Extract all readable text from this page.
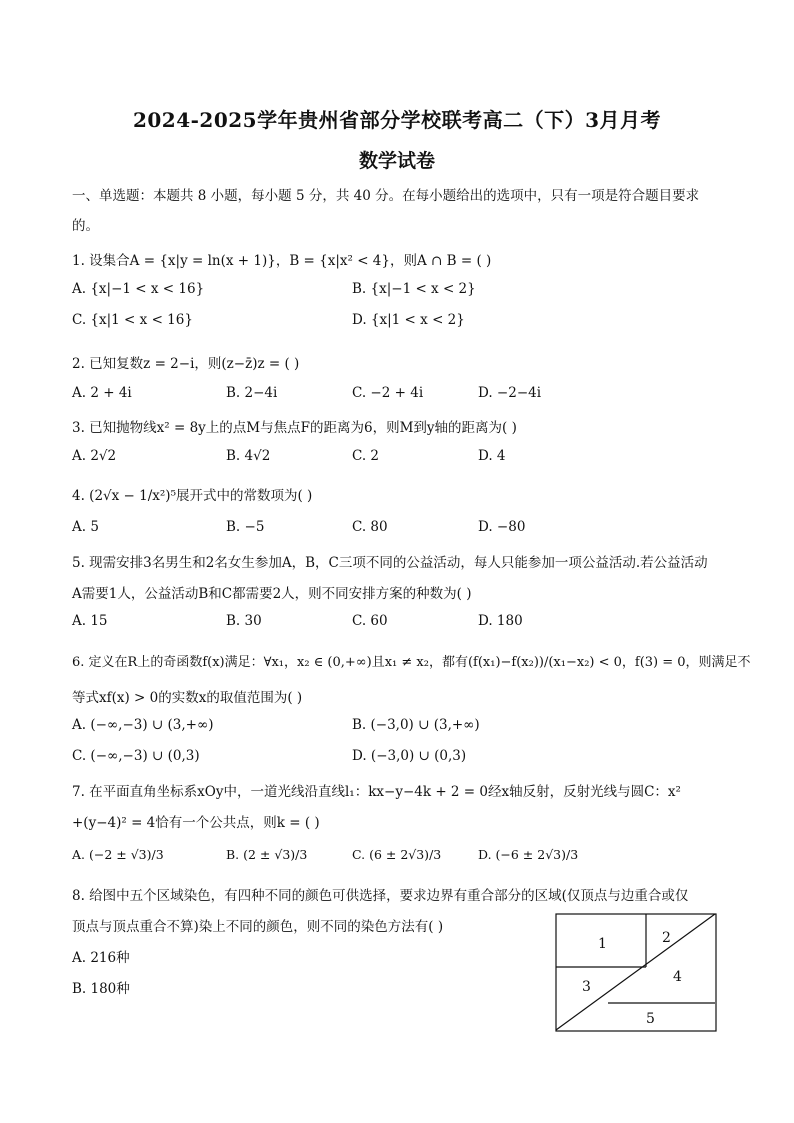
2024-2025学年贵州省部分学校联考高二（下）3月月考
数学试卷
一、单选题：本题共 8 小题，每小题 5 分，共 40 分。在每小题给出的选项中，只有一项是符合题目要求
的。
1. 设集合A = {x|y = ln(x + 1)}，B = {x|x² < 4}，则A ∩ B = ( )
A. {x|−1 < x < 16}	B. {x|−1 < x < 2}
C. {x|1 < x < 16}	D. {x|1 < x < 2}
2. 已知复数z = 2−i，则(z−z̄)z = ( )
A. 2 + 4i	B. 2−4i	C. −2 + 4i	D. −2−4i
3. 已知抛物线x² = 8y上的点M与焦点F的距离为6，则M到y轴的距离为( )
A. 2√2	B. 4√2	C. 2	D. 4
4. (2√x − 1/x²)⁵展开式中的常数项为( )
A. 5	B. −5	C. 80	D. −80
5. 现需安排3名男生和2名女生参加A，B，C三项不同的公益活动，每人只能参加一项公益活动.若公益活动
A需要1人，公益活动B和C都需要2人，则不同安排方案的种数为( )
A. 15	B. 30	C. 60	D. 180
6. 定义在R上的奇函数f(x)满足：∀x₁，x₂ ∈ (0,+∞)且x₁ ≠ x₂，都有(f(x₁)−f(x₂))/(x₁−x₂) < 0，f(3) = 0，则满足不
等式xf(x) > 0的实数x的取值范围为( )
A. (−∞,−3) ∪ (3,+∞)	B. (−3,0) ∪ (3,+∞)
C. (−∞,−3) ∪ (0,3)	D. (−3,0) ∪ (0,3)
7. 在平面直角坐标系xOy中，一道光线沿直线l₁：kx−y−4k + 2 = 0经x轴反射，反射光线与圆C：x²
+(y−4)² = 4恰有一个公共点，则k = ( )
A. (−2 ± √3)/3	B. (2 ± √3)/3	C. (6 ± 2√3)/3	D. (−6 ± 2√3)/3
8. 给图中五个区域染色，有四种不同的颜色可供选择，要求边界有重合部分的区域(仅顶点与边重合或仅
顶点与顶点重合不算)染上不同的颜色，则不同的染色方法有( )
A. 216种
B. 180种
1	2
3
4
5
